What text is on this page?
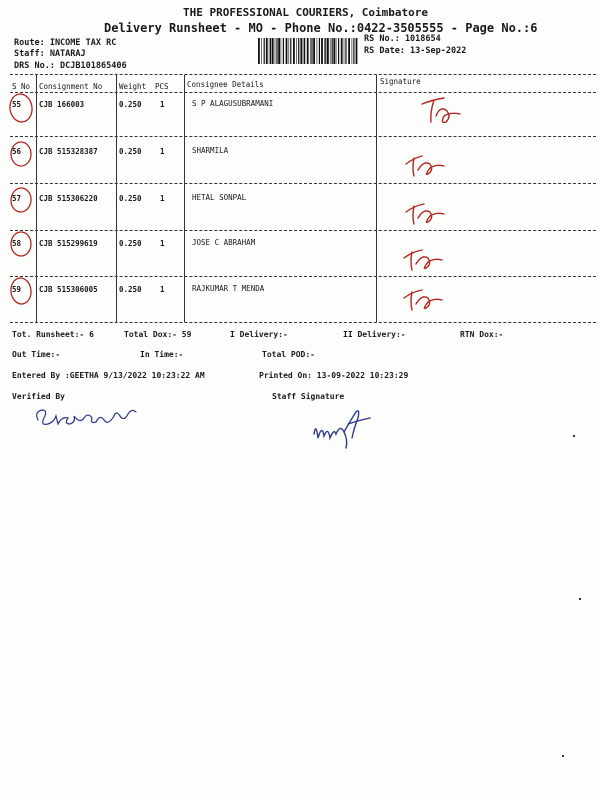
THE PROFESSIONAL COURIERS, Coimbatore
Delivery Runsheet - MO - Phone No.:0422-3505555 - Page No.:6
Route: INCOME TAX RC
Staff: NATARAJ
DRS No.: DCJB101865406
RS No.: 1018654
RS Date: 13-Sep-2022
S No Consignment No Weight PCS Consignee Details	Signature
55 CJB 166003	0.250 1	S P ALAGUSUBRAMANI
56 CJB 515328387	0.250 1	SHARMILA
57 CJB 515306220	0.250 1	HETAL SONPAL
58 CJB 515299619	0.250 1	JOSE C ABRAHAM
59 CJB 515306005	0.250 1	RAJKUMAR T MENDA
Tot. Runsheet:- 6	Total Dox:- 59	I Delivery:-	II Delivery:-	RTN Dox:-
Out Time:-	In Time:-	Total POD:-
Entered By :GEETHA 9/13/2022 10:23:22 AM	Printed On: 13-09-2022 10:23:29
Verified By	Staff Signature
